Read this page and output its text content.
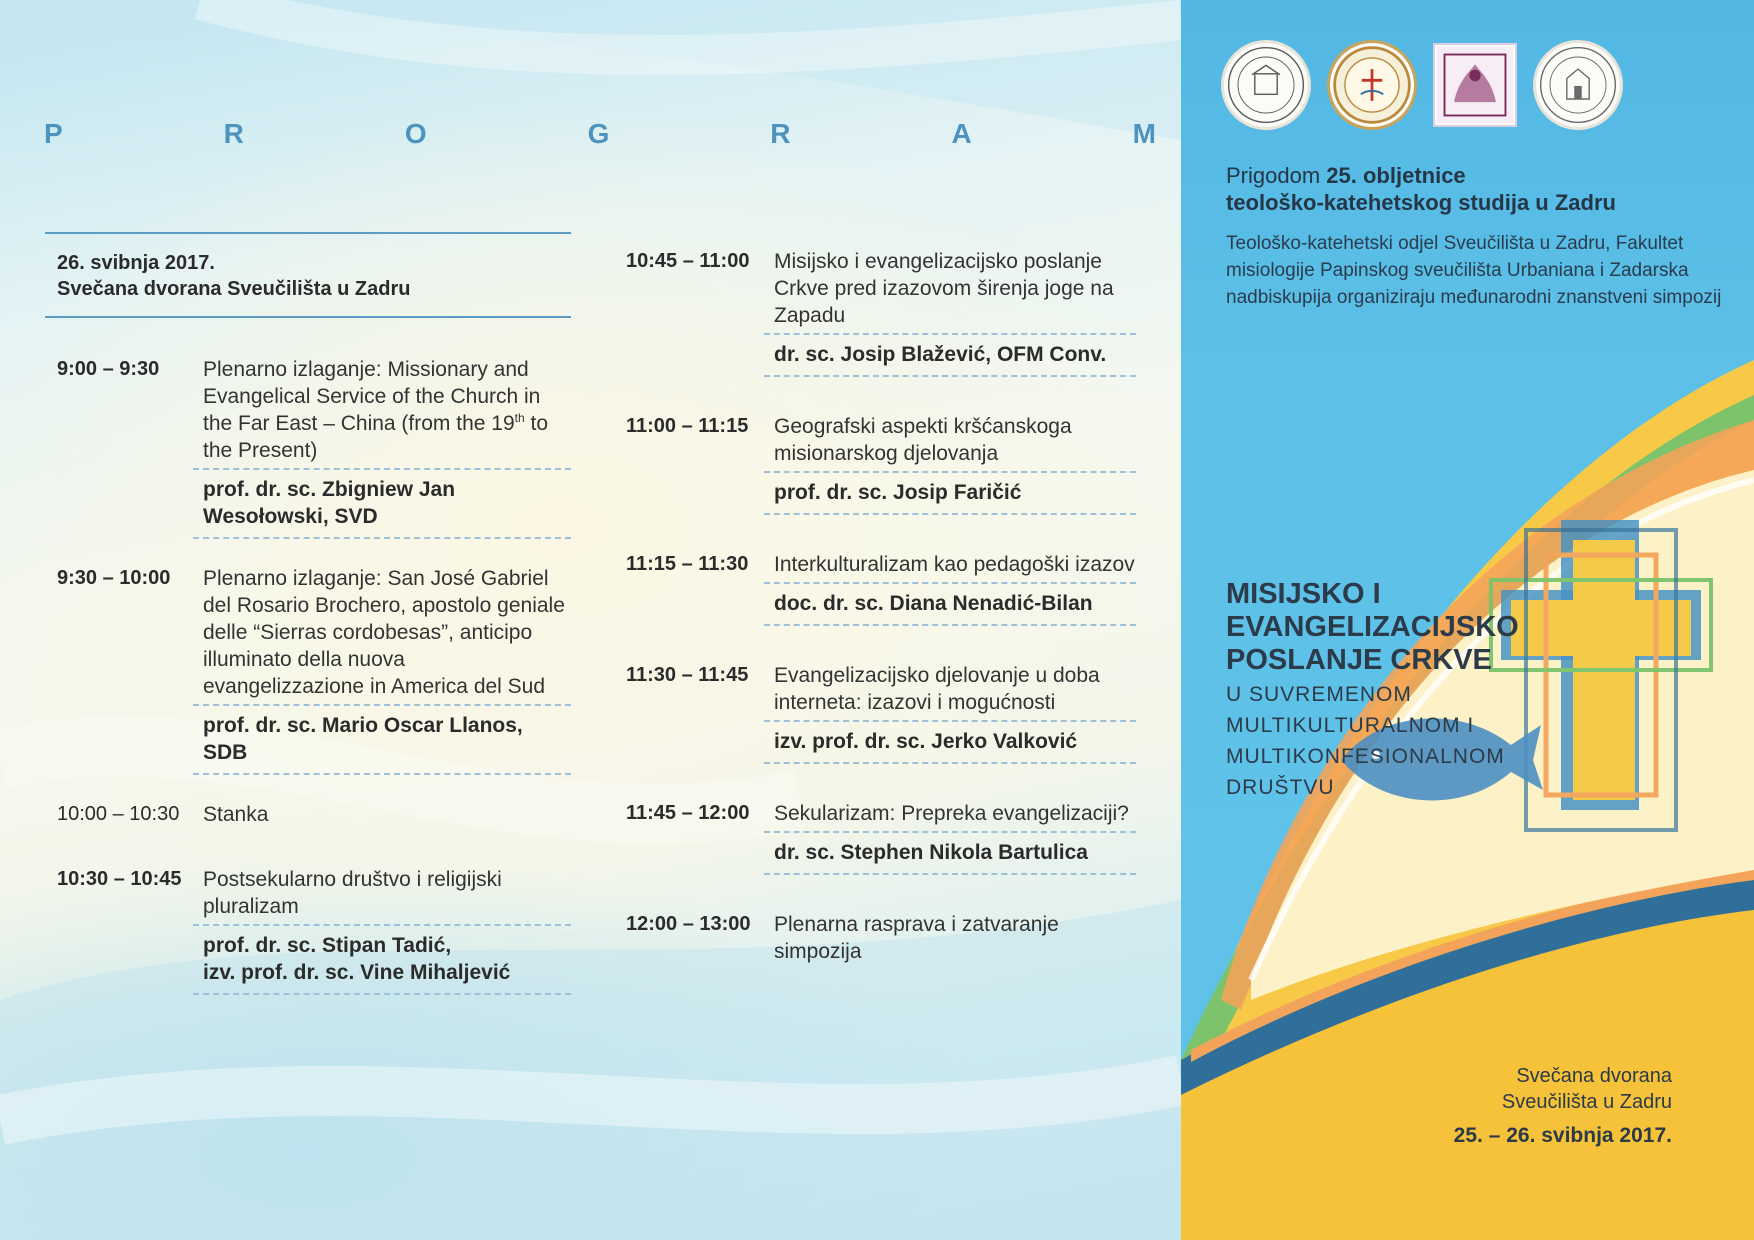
P	R	O	G	R	A	M
26. svibnja 2017.
Svečana dvorana Sveučilišta u Zadru
9:00 – 9:30	Plenarno izlaganje: Missionary and Evangelical Service of the Church in the Far East – China (from the 19th to the Present)
prof. dr. sc. Zbigniew Jan Wesołowski, SVD
9:30 – 10:00	Plenarno izlaganje: San José Gabriel del Rosario Brochero, apostolo geniale delle “Sierras cordobesas”, anticipo illuminato della nuova evangelizzazione in America del Sud
prof. dr. sc. Mario Oscar Llanos, SDB
10:00 – 10:30	Stanka
10:30 – 10:45	Postsekularno društvo i religijski pluralizam
prof. dr. sc. Stipan Tadić,
izv. prof. dr. sc. Vine Mihaljević
10:45 – 11:00	Misijsko i evangelizacijsko poslanje Crkve pred izazovom širenja joge na Zapadu
dr. sc. Josip Blažević, OFM Conv.
11:00 – 11:15	Geografski aspekti kršćanskoga misionarskog djelovanja
prof. dr. sc. Josip Faričić
11:15 – 11:30	Interkulturalizam kao pedagoški izazov
doc. dr. sc. Diana Nenadić-Bilan
11:30 – 11:45	Evangelizacijsko djelovanje u doba interneta: izazovi i mogućnosti
izv. prof. dr. sc. Jerko Valković
11:45 – 12:00	Sekularizam: Prepreka evangelizaciji?
dr. sc. Stephen Nikola Bartulica
12:00 – 13:00	Plenarna rasprava i zatvaranje simpozija
Prigodom 25. obljetnice
teološko-katehetskog studija u Zadru
Teološko-katehetski odjel Sveučilišta u Zadru, Fakultet misiologije Papinskog sveučilišta Urbaniana i Zadarska nadbiskupija organiziraju međunarodni znanstveni simpozij
MISIJSKO I
EVANGELIZACIJSKO
POSLANJE CRKVE
U SUVREMENOM
MULTIKULTURALNOM I
MULTIKONFESIONALNOM
DRUŠTVU
Svečana dvorana
Sveučilišta u Zadru
25. – 26. svibnja 2017.
